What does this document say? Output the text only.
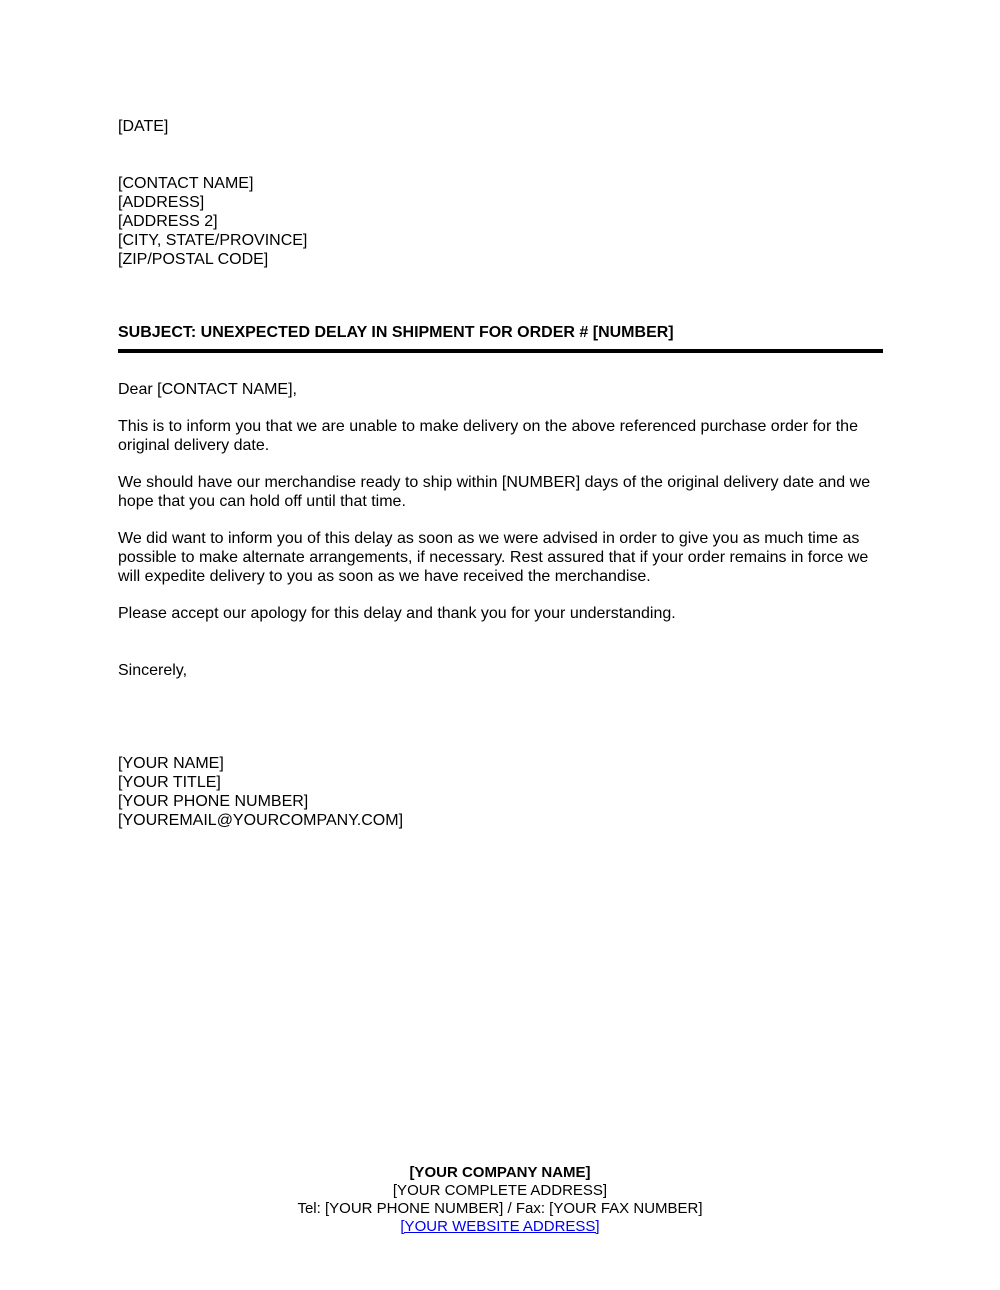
[DATE]
[CONTACT NAME]
[ADDRESS]
[ADDRESS 2]
[CITY, STATE/PROVINCE]
[ZIP/POSTAL CODE]
SUBJECT: UNEXPECTED DELAY IN SHIPMENT FOR ORDER # [NUMBER]
Dear [CONTACT NAME],
This is to inform you that we are unable to make delivery on the above referenced purchase order for the original delivery date.
We should have our merchandise ready to ship within [NUMBER] days of the original delivery date and we hope that you can hold off until that time.
We did want to inform you of this delay as soon as we were advised in order to give you as much time as possible to make alternate arrangements, if necessary. Rest assured that if your order remains in force we will expedite delivery to you as soon as we have received the merchandise.
Please accept our apology for this delay and thank you for your understanding.
Sincerely,
[YOUR NAME]
[YOUR TITLE]
[YOUR PHONE NUMBER]
[YOUREMAIL@YOURCOMPANY.COM]
[YOUR COMPANY NAME]
[YOUR COMPLETE ADDRESS]
Tel: [YOUR PHONE NUMBER] / Fax: [YOUR FAX NUMBER]
[YOUR WEBSITE ADDRESS]
